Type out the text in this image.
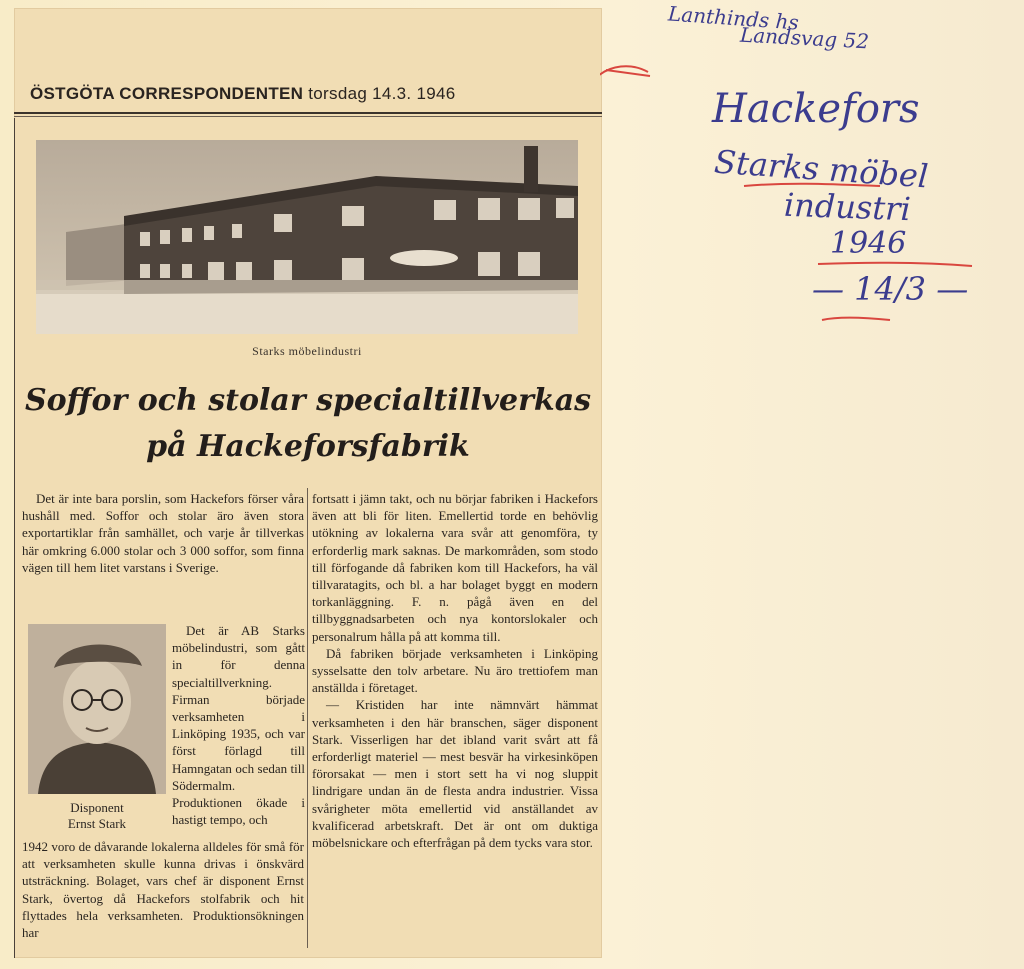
ÖSTGÖTA CORRESPONDENTEN torsdag 14.3. 1946
Starks möbelindustri
Soffor och stolar specialtillverkas
på Hackeforsfabrik

Det är inte bara porslin, som Hackefors förser våra hushåll med. Soffor och stolar äro även stora exportartiklar från samhället, och varje år tillverkas här omkring 6.000 stolar och 3 000 soffor, som finna vägen till hem litet varstans i Sverige.

Disponent
Ernst Stark

Det är AB Starks möbelindustri, som gått in för denna specialtillverkning. Firman började verksamheten i Linköping 1935, och var först förlagd till Hamngatan och sedan till Södermalm. Produktionen ökade i hastigt tempo, och

1942 voro de dåvarande lokalerna alldeles för små för att verksamheten skulle kunna drivas i önskvärd utsträckning. Bolaget, vars chef är disponent Ernst Stark, övertog då Hackefors stolfabrik och hit flyttades hela verksamheten. Produktionsökningen har

fortsatt i jämn takt, och nu börjar fabriken i Hackefors även att bli för liten. Emellertid torde en behövlig utökning av lokalerna vara svår att genomföra, ty erforderlig mark saknas. De markområden, som stodo till förfogande då fabriken kom till Hackefors, ha väl tillvaratagits, och bl. a har bolaget byggt en modern torkanläggning. F. n. pågå även en del tillbyggnadsarbeten och nya kontorslokaler och personalrum hålla på att komma till.

Då fabriken började verksamheten i Linköping sysselsatte den tolv arbetare. Nu äro trettiofem man anställda i företaget.

— Kristiden har inte nämnvärt hämmat verksamheten i den här branschen, säger disponent Stark. Visserligen har det ibland varit svårt att få erforderligt materiel — mest besvär ha virkesinköpen förorsakat — men i stort sett ha vi nog sluppit lindrigare undan än de flesta andra industrier. Vissa svårigheter möta emellertid vid anställandet av kvalificerad arbetskraft. Det är ont om duktiga möbelsnickare och efterfrågan på dem tycks vara stor.

Lanthinds hs
Landsvag 52
Hackefors
Starks möbel
industri
1946
— 14/3 —
